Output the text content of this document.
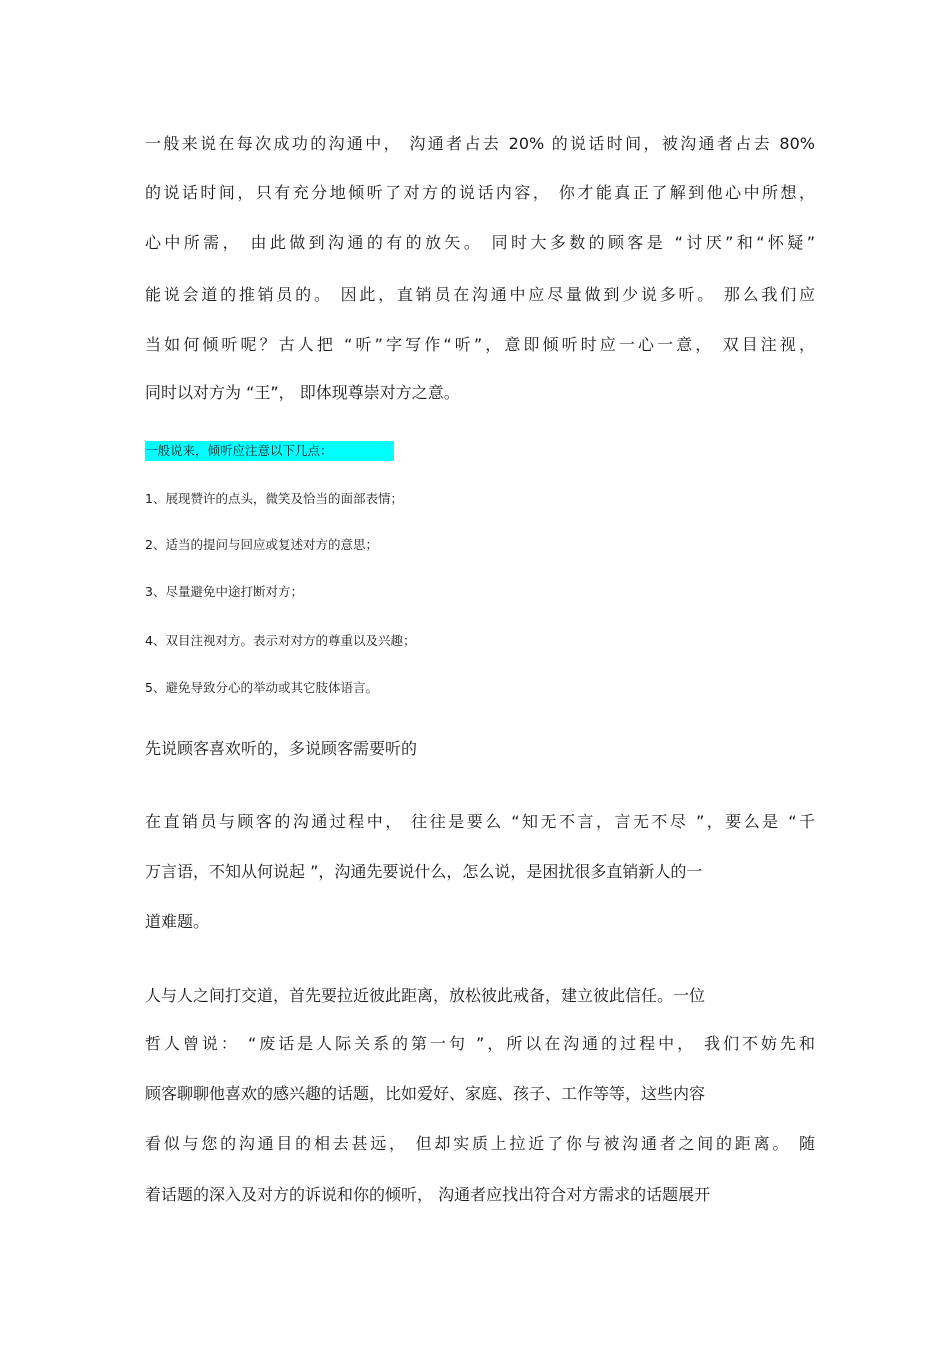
一般来说在每次成功的沟通中， 沟通者占去 20% 的说话时间，被沟通者占去 80%
的说话时间，只有充分地倾听了对方的说话内容， 你才能真正了解到他心中所想，
心中所需， 由此做到沟通的有的放矢。 同时大多数的顾客是 “讨厌”和“怀疑”
能说会道的推销员的。 因此，直销员在沟通中应尽量做到少说多听。 那么我们应
当如何倾听呢？古人把 “听”字写作“听”，意即倾听时应一心一意， 双目注视，
同时以对方为 “王”， 即体现尊崇对方之意。
一般说来，倾听应注意以下几点：
1、展现赞许的点头，微笑及恰当的面部表情；
2、适当的提问与回应或复述对方的意思；
3、尽量避免中途打断对方；
4、双目注视对方。表示对对方的尊重以及兴趣；
5、避免导致分心的举动或其它肢体语言。
先说顾客喜欢听的，多说顾客需要听的
在直销员与顾客的沟通过程中， 往往是要么 “知无不言，言无不尽 ”，要么是 “千
万言语，不知从何说起 ”，沟通先要说什么，怎么说，是困扰很多直销新人的一
道难题。
人与人之间打交道，首先要拉近彼此距离，放松彼此戒备，建立彼此信任。一位
哲人曾说： “废话是人际关系的第一句 ”，所以在沟通的过程中， 我们不妨先和
顾客聊聊他喜欢的感兴趣的话题，比如爱好、家庭、孩子、工作等等，这些内容
看似与您的沟通目的相去甚远， 但却实质上拉近了你与被沟通者之间的距离。 随
着话题的深入及对方的诉说和你的倾听， 沟通者应找出符合对方需求的话题展开
